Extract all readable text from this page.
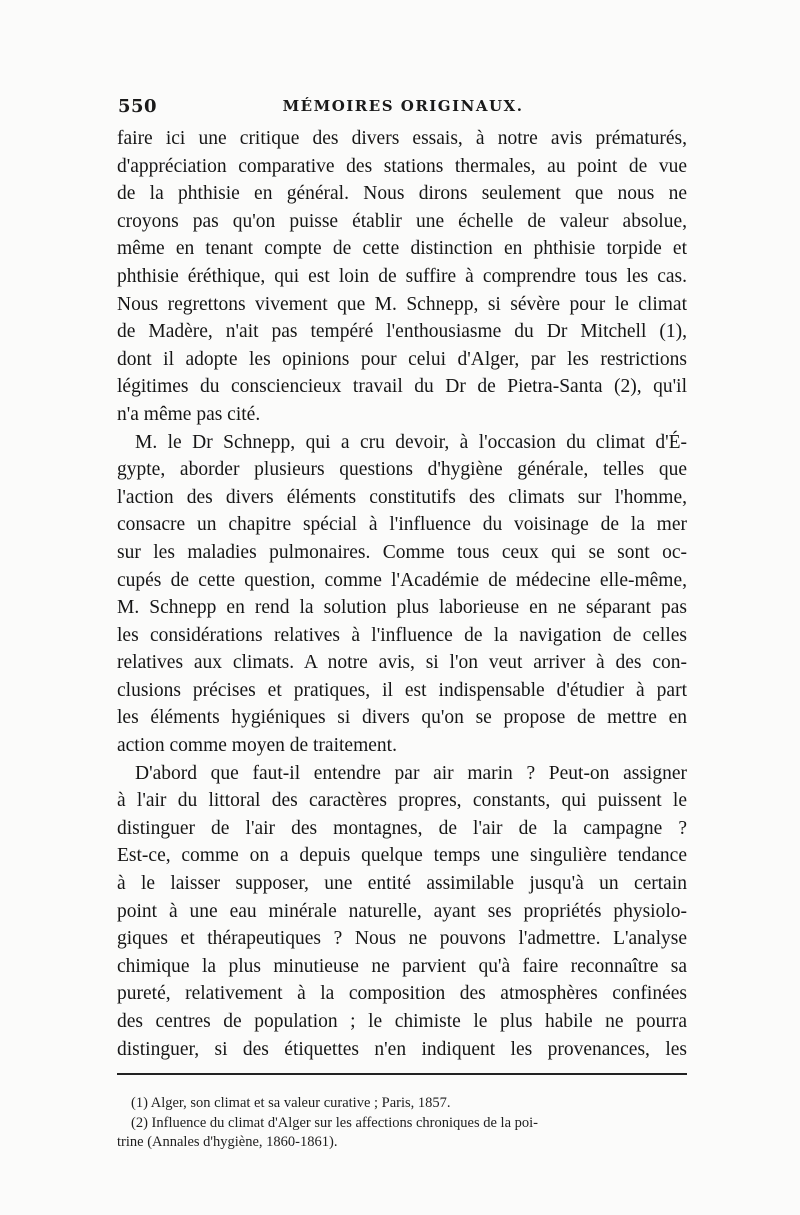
550	MÉMOIRES ORIGINAUX.
faire ici une critique des divers essais, à notre avis prématurés,
d'appréciation comparative des stations thermales, au point de vue
de la phthisie en général. Nous dirons seulement que nous ne
croyons pas qu'on puisse établir une échelle de valeur absolue,
même en tenant compte de cette distinction en phthisie torpide et
phthisie éréthique, qui est loin de suffire à comprendre tous les cas.
Nous regrettons vivement que M. Schnepp, si sévère pour le climat
de Madère, n'ait pas tempéré l'enthousiasme du Dr Mitchell (1),
dont il adopte les opinions pour celui d'Alger, par les restrictions
légitimes du consciencieux travail du Dr de Pietra-Santa (2), qu'il
n'a même pas cité.
M. le Dr Schnepp, qui a cru devoir, à l'occasion du climat d'É-
gypte, aborder plusieurs questions d'hygiène générale, telles que
l'action des divers éléments constitutifs des climats sur l'homme,
consacre un chapitre spécial à l'influence du voisinage de la mer
sur les maladies pulmonaires. Comme tous ceux qui se sont oc-
cupés de cette question, comme l'Académie de médecine elle-même,
M. Schnepp en rend la solution plus laborieuse en ne séparant pas
les considérations relatives à l'influence de la navigation de celles
relatives aux climats. A notre avis, si l'on veut arriver à des con-
clusions précises et pratiques, il est indispensable d'étudier à part
les éléments hygiéniques si divers qu'on se propose de mettre en
action comme moyen de traitement.
D'abord que faut-il entendre par air marin ? Peut-on assigner
à l'air du littoral des caractères propres, constants, qui puissent le
distinguer de l'air des montagnes, de l'air de la campagne ?
Est-ce, comme on a depuis quelque temps une singulière tendance
à le laisser supposer, une entité assimilable jusqu'à un certain
point à une eau minérale naturelle, ayant ses propriétés physiolo-
giques et thérapeutiques ? Nous ne pouvons l'admettre. L'analyse
chimique la plus minutieuse ne parvient qu'à faire reconnaître sa
pureté, relativement à la composition des atmosphères confinées
des centres de population ; le chimiste le plus habile ne pourra
distinguer, si des étiquettes n'en indiquent les provenances, les
(1) Alger, son climat et sa valeur curative ; Paris, 1857.
(2) Influence du climat d'Alger sur les affections chroniques de la poi-
trine (Annales d'hygiène, 1860-1861).
